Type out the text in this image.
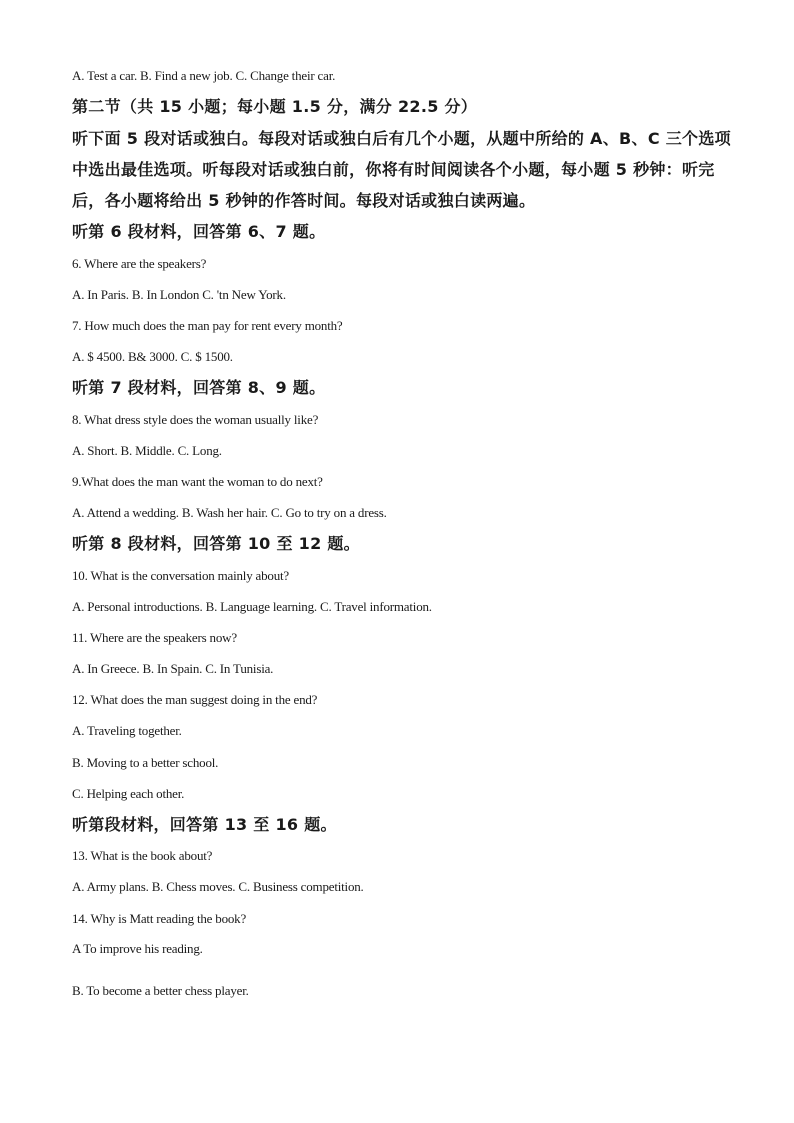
A. Test a car. B. Find a new job. C. Change their car.
第二节（共 15 小题；每小题 1.5 分，满分 22.5 分）
听下面 5 段对话或独白。每段对话或独白后有几个小题，从题中所给的 A、B、C 三个选项
中选出最佳选项。听每段对话或独白前，你将有时间阅读各个小题，每小题 5 秒钟：听完
后，各小题将给出 5 秒钟的作答时间。每段对话或独白读两遍。
听第 6 段材料，回答第 6、7 题。
6. Where are the speakers?
A. In Paris. B. In London C. 'tn New York.
7. How much does the man pay for rent every month?
A. $ 4500. B& 3000. C. $ 1500.
听第 7 段材料，回答第 8、9 题。
8. What dress style does the woman usually like?
A. Short. B. Middle. C. Long.
9.What does the man want the woman to do next?
A. Attend a wedding. B. Wash her hair. C. Go to try on a dress.
听第 8 段材料，回答第 10 至 12 题。
10. What is the conversation mainly about?
A. Personal introductions. B. Language learning. C. Travel information.
11. Where are the speakers now?
A. In Greece. B. In Spain. C. In Tunisia.
12. What does the man suggest doing in the end?
A. Traveling together.
B. Moving to a better school.
C. Helping each other.
听第段材料，回答第 13 至 16 题。
13. What is the book about?
A. Army plans. B. Chess moves. C. Business competition.
14. Why is Matt reading the book?
A To improve his reading.
B. To become a better chess player.
